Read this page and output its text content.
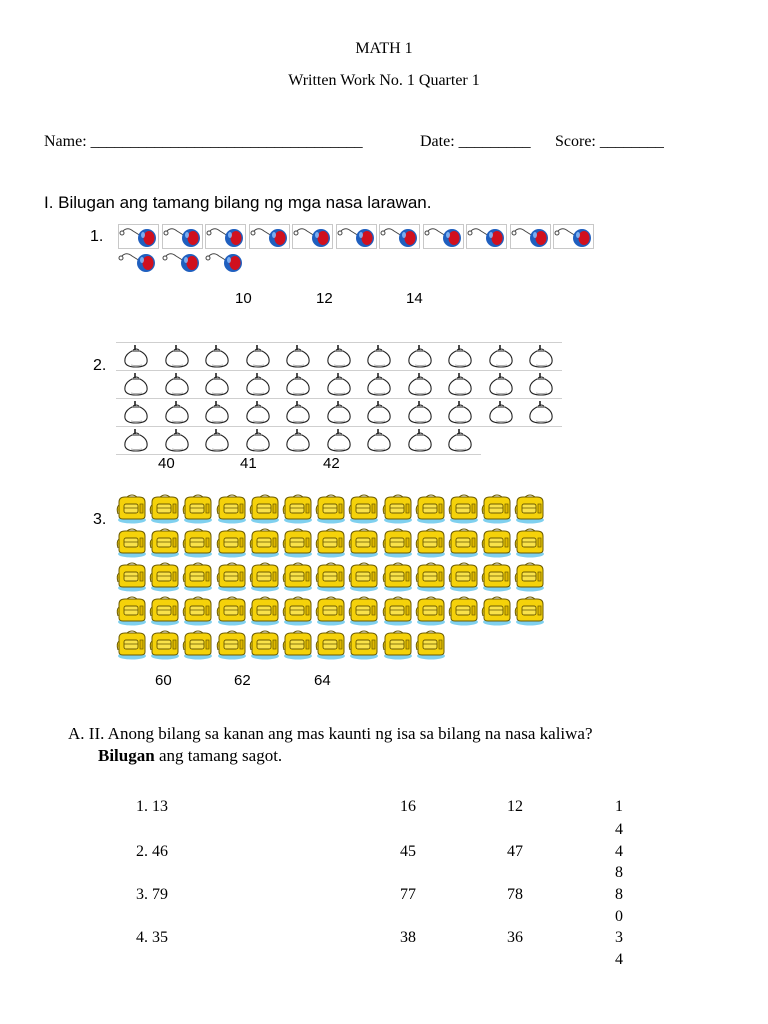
MATH 1
Written Work No. 1 Quarter 1
Name: __________________________________	Date: _________ Score: ________
I. Bilugan ang tamang bilang ng mga nasa larawan.
1.
10	12	14
2.
40	41	42
3.
60	62	64
A. II. Anong bilang sa kanan ang mas kaunti ng isa sa bilang na nasa kaliwa?
Bilugan ang tamang sagot.
1. 13	16	12	1
4
2. 46	45	47	4
8
3. 79	77	78	8
0
4. 35	38	36	3
4
